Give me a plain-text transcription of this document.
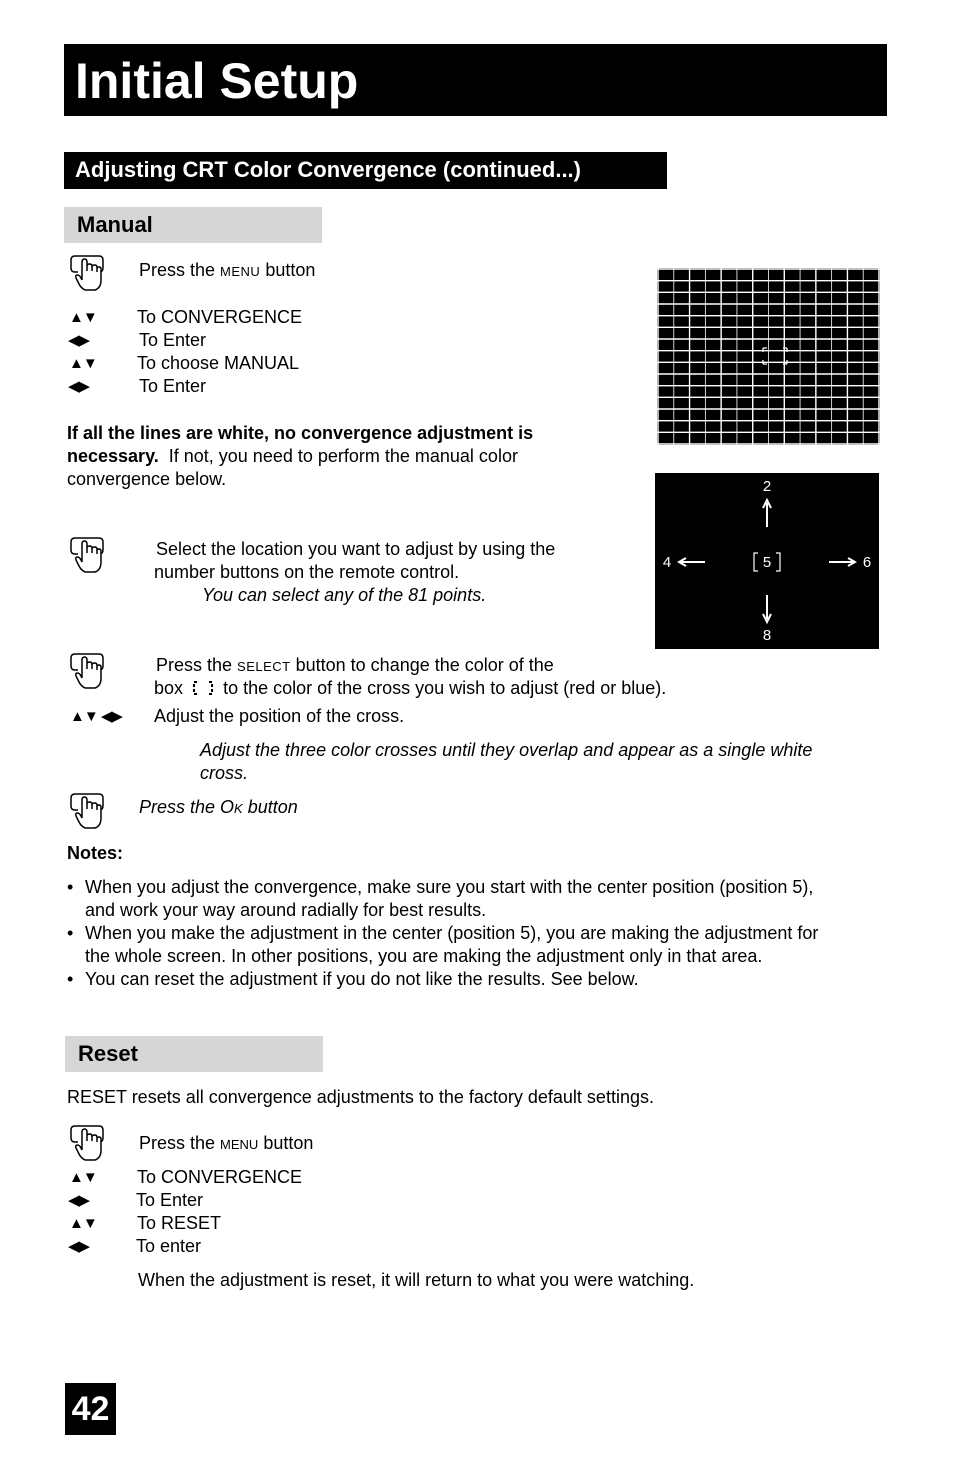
Initial Setup
Adjusting CRT Color Convergence (continued...)
Manual
Press the MENU button
▲▼ To CONVERGENCE
◀▶	To Enter
▲▼ To choose MANUAL
◀▶	To Enter
If all the lines are white, no convergence adjustment is
necessary.  If not, you need to perform the manual color
convergence below.	2
4	5	6
8
Select the location you want to adjust by using the
number buttons on the remote control.
You can select any of the 81 points.
Press the SELECT button to change the color of the
box to the color of the cross you wish to adjust (red or blue).
▲▼ ◀▶ Adjust the position of the cross.
Adjust the three color crosses until they overlap and appear as a single white
cross.
Press the OK button
Notes:
• When you adjust the convergence, make sure you start with the center position (position 5),
and work your way around radially for best results.
• When you make the adjustment in the center (position 5), you are making the adjustment for
the whole screen. In other positions, you are making the adjustment only in that area.
• You can reset the adjustment if you do not like the results. See below.
Reset
RESET resets all convergence adjustments to the factory default settings.
Press the MENU button
▲▼ To CONVERGENCE
◀▶	To Enter
▲▼ To RESET
◀▶	To enter
When the adjustment is reset, it will return to what you were watching.
42
